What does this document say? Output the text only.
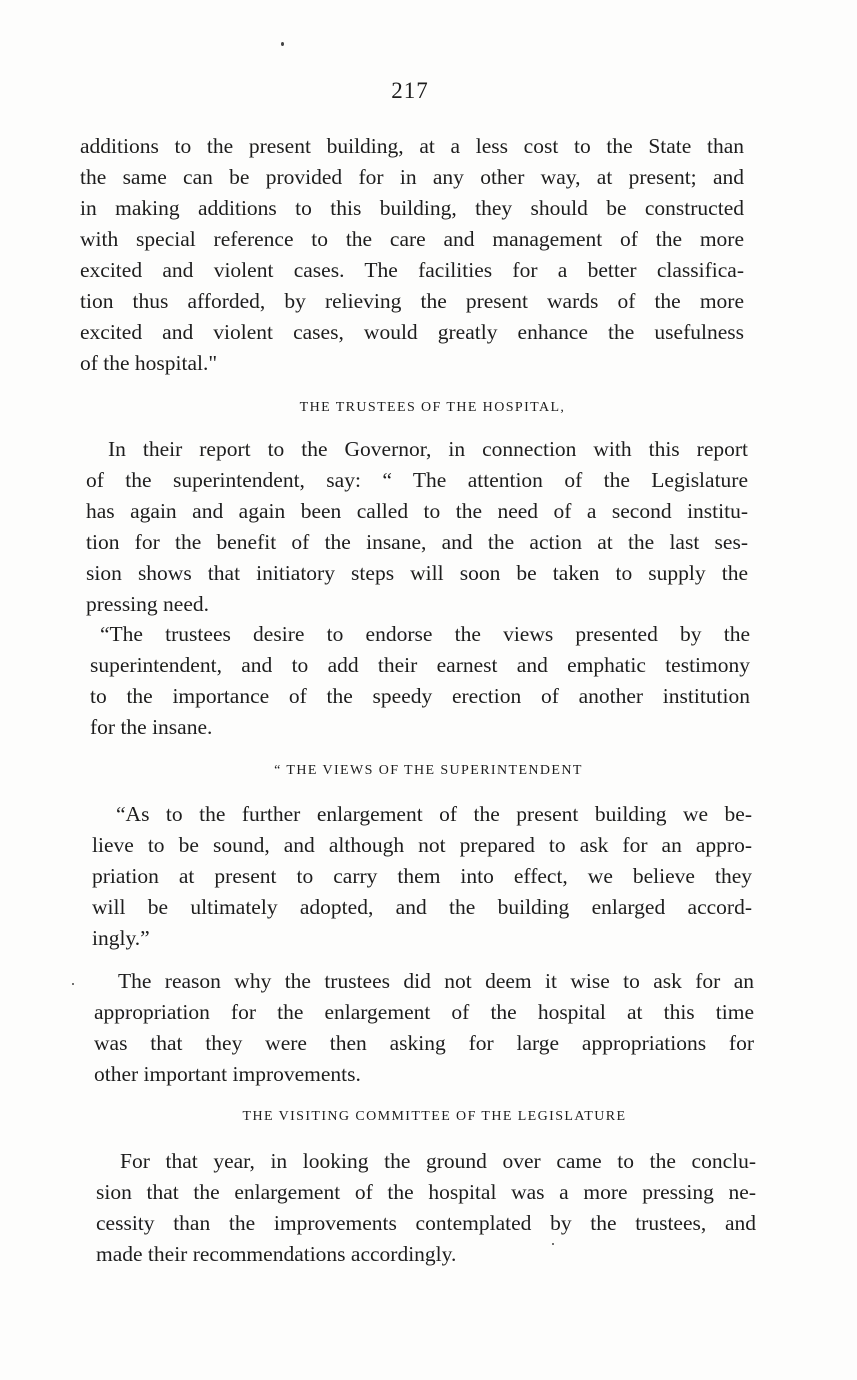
217
additions to the present building, at a less cost to the State than
the same can be provided for in any other way, at present; and
in making additions to this building, they should be constructed
with special reference to the care and management of the more
excited and violent cases. The facilities for a better classifica-
tion thus afforded, by relieving the present wards of the more
excited and violent cases, would greatly enhance the usefulness
of the hospital."
THE TRUSTEES OF THE HOSPITAL,
In their report to the Governor, in connection with this report
of the superintendent, say: “ The attention of the Legislature
has again and again been called to the need of a second institu-
tion for the benefit of the insane, and the action at the last ses-
sion shows that initiatory steps will soon be taken to supply the
pressing need.
“The trustees desire to endorse the views presented by the
superintendent, and to add their earnest and emphatic testimony
to the importance of the speedy erection of another institution
for the insane.
“ THE VIEWS OF THE SUPERINTENDENT
“As to the further enlargement of the present building we be-
lieve to be sound, and although not prepared to ask for an appro-
priation at present to carry them into effect, we believe they
will be ultimately adopted, and the building enlarged accord-
ingly.”
The reason why the trustees did not deem it wise to ask for an
appropriation for the enlargement of the hospital at this time
was that they were then asking for large appropriations for
other important improvements.
THE VISITING COMMITTEE OF THE LEGISLATURE
For that year, in looking the ground over came to the conclu-
sion that the enlargement of the hospital was a more pressing ne-
cessity than the improvements contemplated by the trustees, and
made their recommendations accordingly.
